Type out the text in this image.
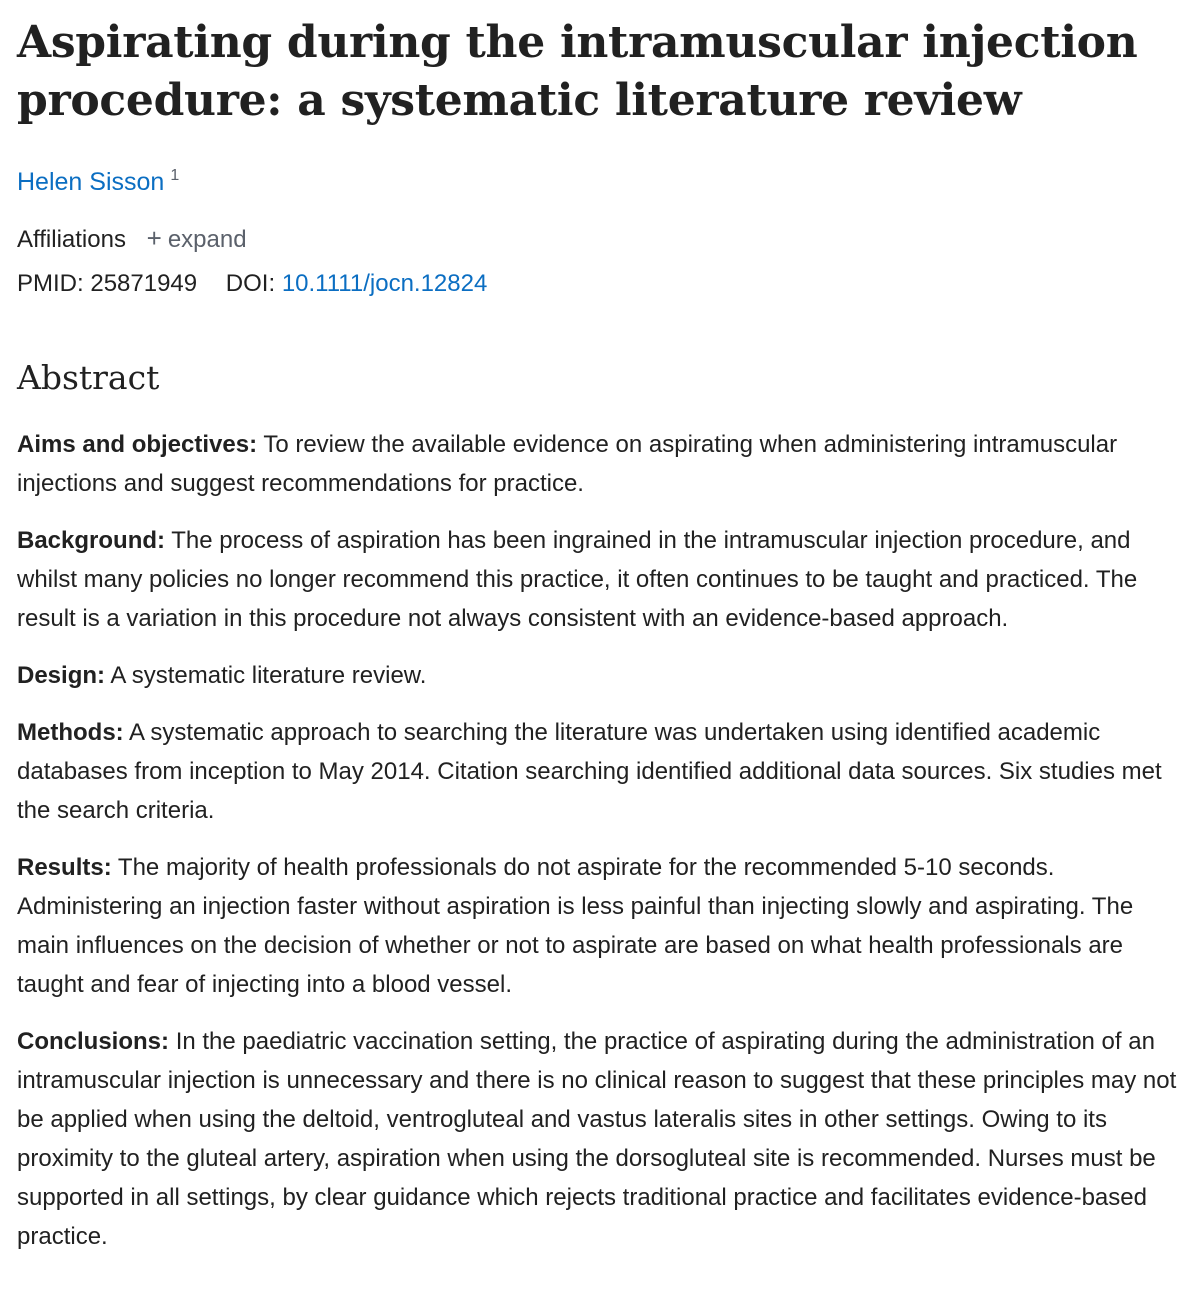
Aspirating during the intramuscular injection procedure: a systematic literature review
Helen Sisson $^1$
Affiliations + expand
PMID: 25871949 DOI: 10.1111/jocn.12824
Abstract

Aims and objectives: To review the available evidence on aspirating when administering intramuscular injections and suggest recommendations for practice.

Background: The process of aspiration has been ingrained in the intramuscular injection procedure, and whilst many policies no longer recommend this practice, it often continues to be taught and practiced. The result is a variation in this procedure not always consistent with an evidence-based approach.

Design: A systematic literature review.

Methods: A systematic approach to searching the literature was undertaken using identified academic databases from inception to May 2014. Citation searching identified additional data sources. Six studies met the search criteria.

Results: The majority of health professionals do not aspirate for the recommended 5-10 seconds. Administering an injection faster without aspiration is less painful than injecting slowly and aspirating. The main influences on the decision of whether or not to aspirate are based on what health professionals are taught and fear of injecting into a blood vessel.

Conclusions: In the paediatric vaccination setting, the practice of aspirating during the administration of an intramuscular injection is unnecessary and there is no clinical reason to suggest that these principles may not be applied when using the deltoid, ventrogluteal and vastus lateralis sites in other settings. Owing to its proximity to the gluteal artery, aspiration when using the dorsogluteal site is recommended. Nurses must be supported in all settings, by clear guidance which rejects traditional practice and facilitates evidence-based practice.
